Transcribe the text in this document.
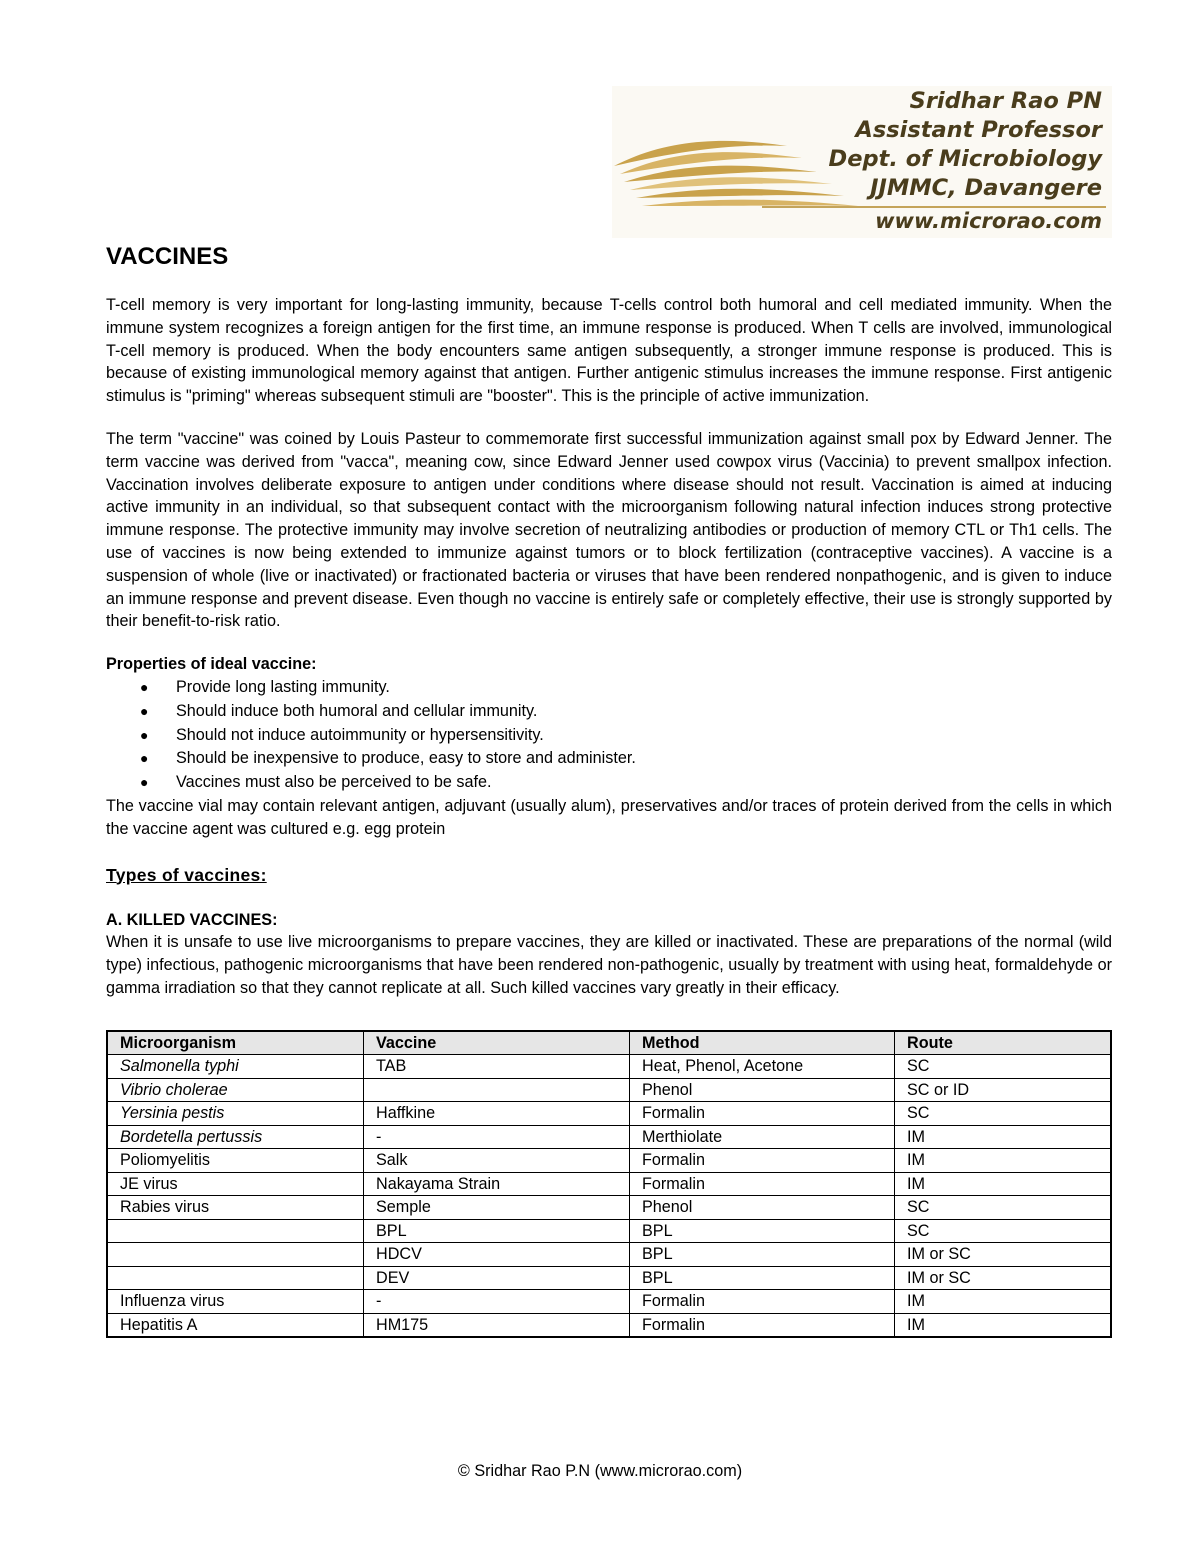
Sridhar Rao PN
Assistant Professor
Dept. of Microbiology
JJMMC, Davangere
www.microrao.com
VACCINES

T-cell memory is very important for long-lasting immunity, because T-cells control both humoral and cell mediated immunity. When the immune system recognizes a foreign antigen for the first time, an immune response is produced. When T cells are involved, immunological T-cell memory is produced. When the body encounters same antigen subsequently, a stronger immune response is produced. This is because of existing immunological memory against that antigen. Further antigenic stimulus increases the immune response. First antigenic stimulus is "priming" whereas subsequent stimuli are "booster". This is the principle of active immunization.

The term "vaccine" was coined by Louis Pasteur to commemorate first successful immunization against small pox by Edward Jenner. The term vaccine was derived from "vacca", meaning cow, since Edward Jenner used cowpox virus (Vaccinia) to prevent smallpox infection. Vaccination involves deliberate exposure to antigen under conditions where disease should not result. Vaccination is aimed at inducing active immunity in an individual, so that subsequent contact with the microorganism following natural infection induces strong protective immune response. The protective immunity may involve secretion of neutralizing antibodies or production of memory CTL or Th1 cells. The use of vaccines is now being extended to immunize against tumors or to block fertilization (contraceptive vaccines). A vaccine is a suspension of whole (live or inactivated) or fractionated bacteria or viruses that have been rendered nonpathogenic, and is given to induce an immune response and prevent disease. Even though no vaccine is entirely safe or completely effective, their use is strongly supported by their benefit-to-risk ratio.

Properties of ideal vaccine:

● Provide long lasting immunity.
● Should induce both humoral and cellular immunity.
● Should not induce autoimmunity or hypersensitivity.
● Should be inexpensive to produce, easy to store and administer.
● Vaccines must also be perceived to be safe.

The vaccine vial may contain relevant antigen, adjuvant (usually alum), preservatives and/or traces of protein derived from the cells in which the vaccine agent was cultured e.g. egg protein

Types of vaccines:

A. KILLED VACCINES:

When it is unsafe to use live microorganisms to prepare vaccines, they are killed or inactivated. These are preparations of the normal (wild type) infectious, pathogenic microorganisms that have been rendered non-pathogenic, usually by treatment with using heat, formaldehyde or gamma irradiation so that they cannot replicate at all. Such killed vaccines vary greatly in their efficacy.

Microorganism	Vaccine	Method	Route
Salmonella typhi	TAB	Heat, Phenol, Acetone	SC
Vibrio cholerae		Phenol	SC or ID
Yersinia pestis	Haffkine	Formalin	SC
Bordetella pertussis	-	Merthiolate	IM
Poliomyelitis	Salk	Formalin	IM
JE virus	Nakayama Strain	Formalin	IM
Rabies virus	Semple	Phenol	SC
	BPL	BPL	SC
	HDCV	BPL	IM or SC
	DEV	BPL	IM or SC
Influenza virus	-	Formalin	IM
Hepatitis A	HM175	Formalin	IM
© Sridhar Rao P.N (www.microrao.com)
